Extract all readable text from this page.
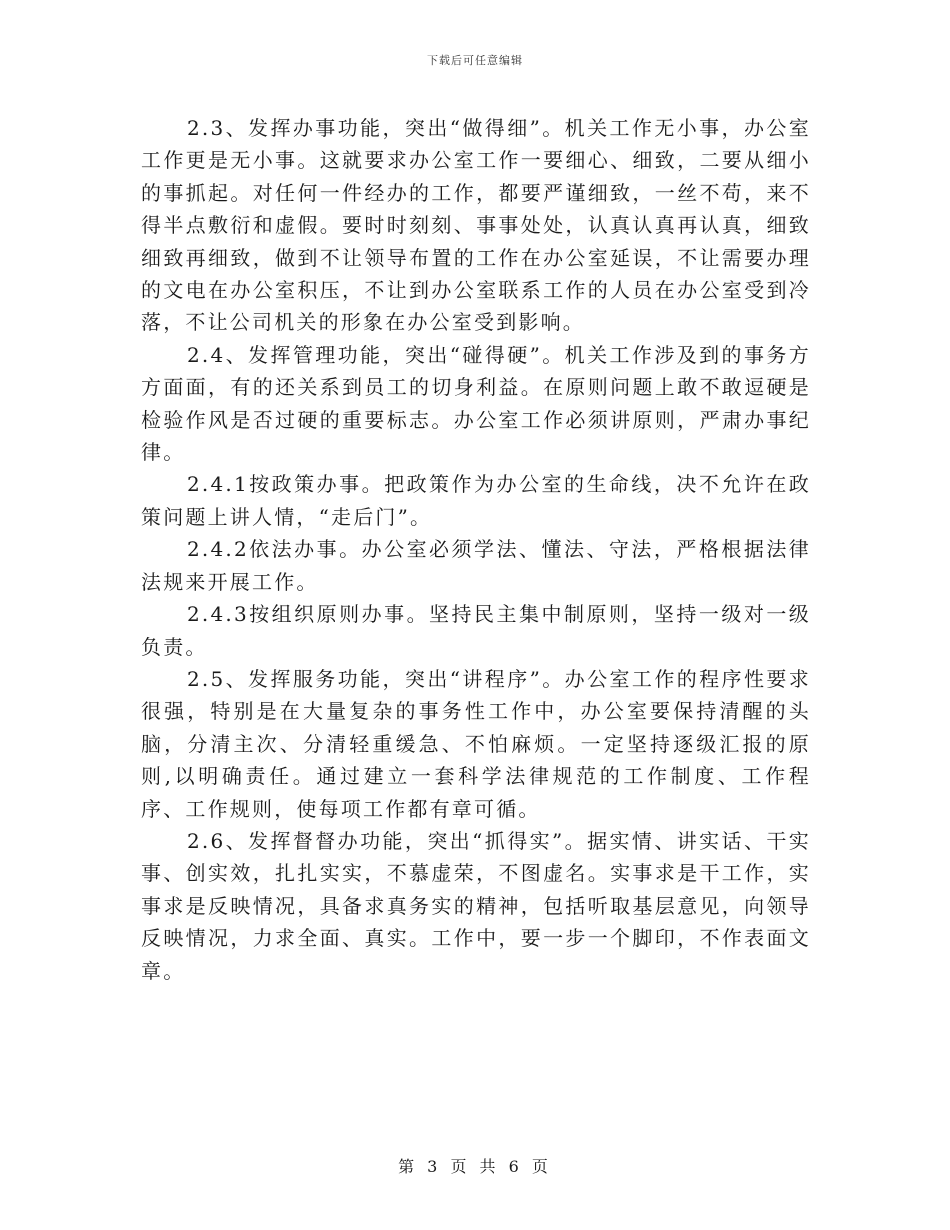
下载后可任意编辑

2.3、发挥办事功能，突出“做得细”。机关工作无小事，办公室工作更是无小事。这就要求办公室工作一要细心、细致，二要从细小的事抓起。对任何一件经办的工作，都要严谨细致，一丝不苟，来不得半点敷衍和虚假。要时时刻刻、事事处处，认真认真再认真，细致细致再细致，做到不让领导布置的工作在办公室延误，不让需要办理的文电在办公室积压，不让到办公室联系工作的人员在办公室受到冷落，不让公司机关的形象在办公室受到影响。

2.4、发挥管理功能，突出“碰得硬”。机关工作涉及到的事务方方面面，有的还关系到员工的切身利益。在原则问题上敢不敢逗硬是检验作风是否过硬的重要标志。办公室工作必须讲原则，严肃办事纪律。

2.4.1按政策办事。把政策作为办公室的生命线，决不允许在政策问题上讲人情，“走后门”。

2.4.2依法办事。办公室必须学法、懂法、守法，严格根据法律法规来开展工作。

2.4.3按组织原则办事。坚持民主集中制原则，坚持一级对一级负责。

2.5、发挥服务功能，突出“讲程序”。办公室工作的程序性要求很强，特别是在大量复杂的事务性工作中，办公室要保持清醒的头脑，分清主次、分清轻重缓急、不怕麻烦。一定坚持逐级汇报的原则,以明确责任。通过建立一套科学法律规范的工作制度、工作程序、工作规则，使每项工作都有章可循。

2.6、发挥督督办功能，突出“抓得实”。据实情、讲实话、干实事、创实效，扎扎实实，不慕虚荣，不图虚名。实事求是干工作，实事求是反映情况，具备求真务实的精神，包括听取基层意见，向领导反映情况，力求全面、真实。工作中，要一步一个脚印，不作表面文章。

第 3 页 共 6 页
